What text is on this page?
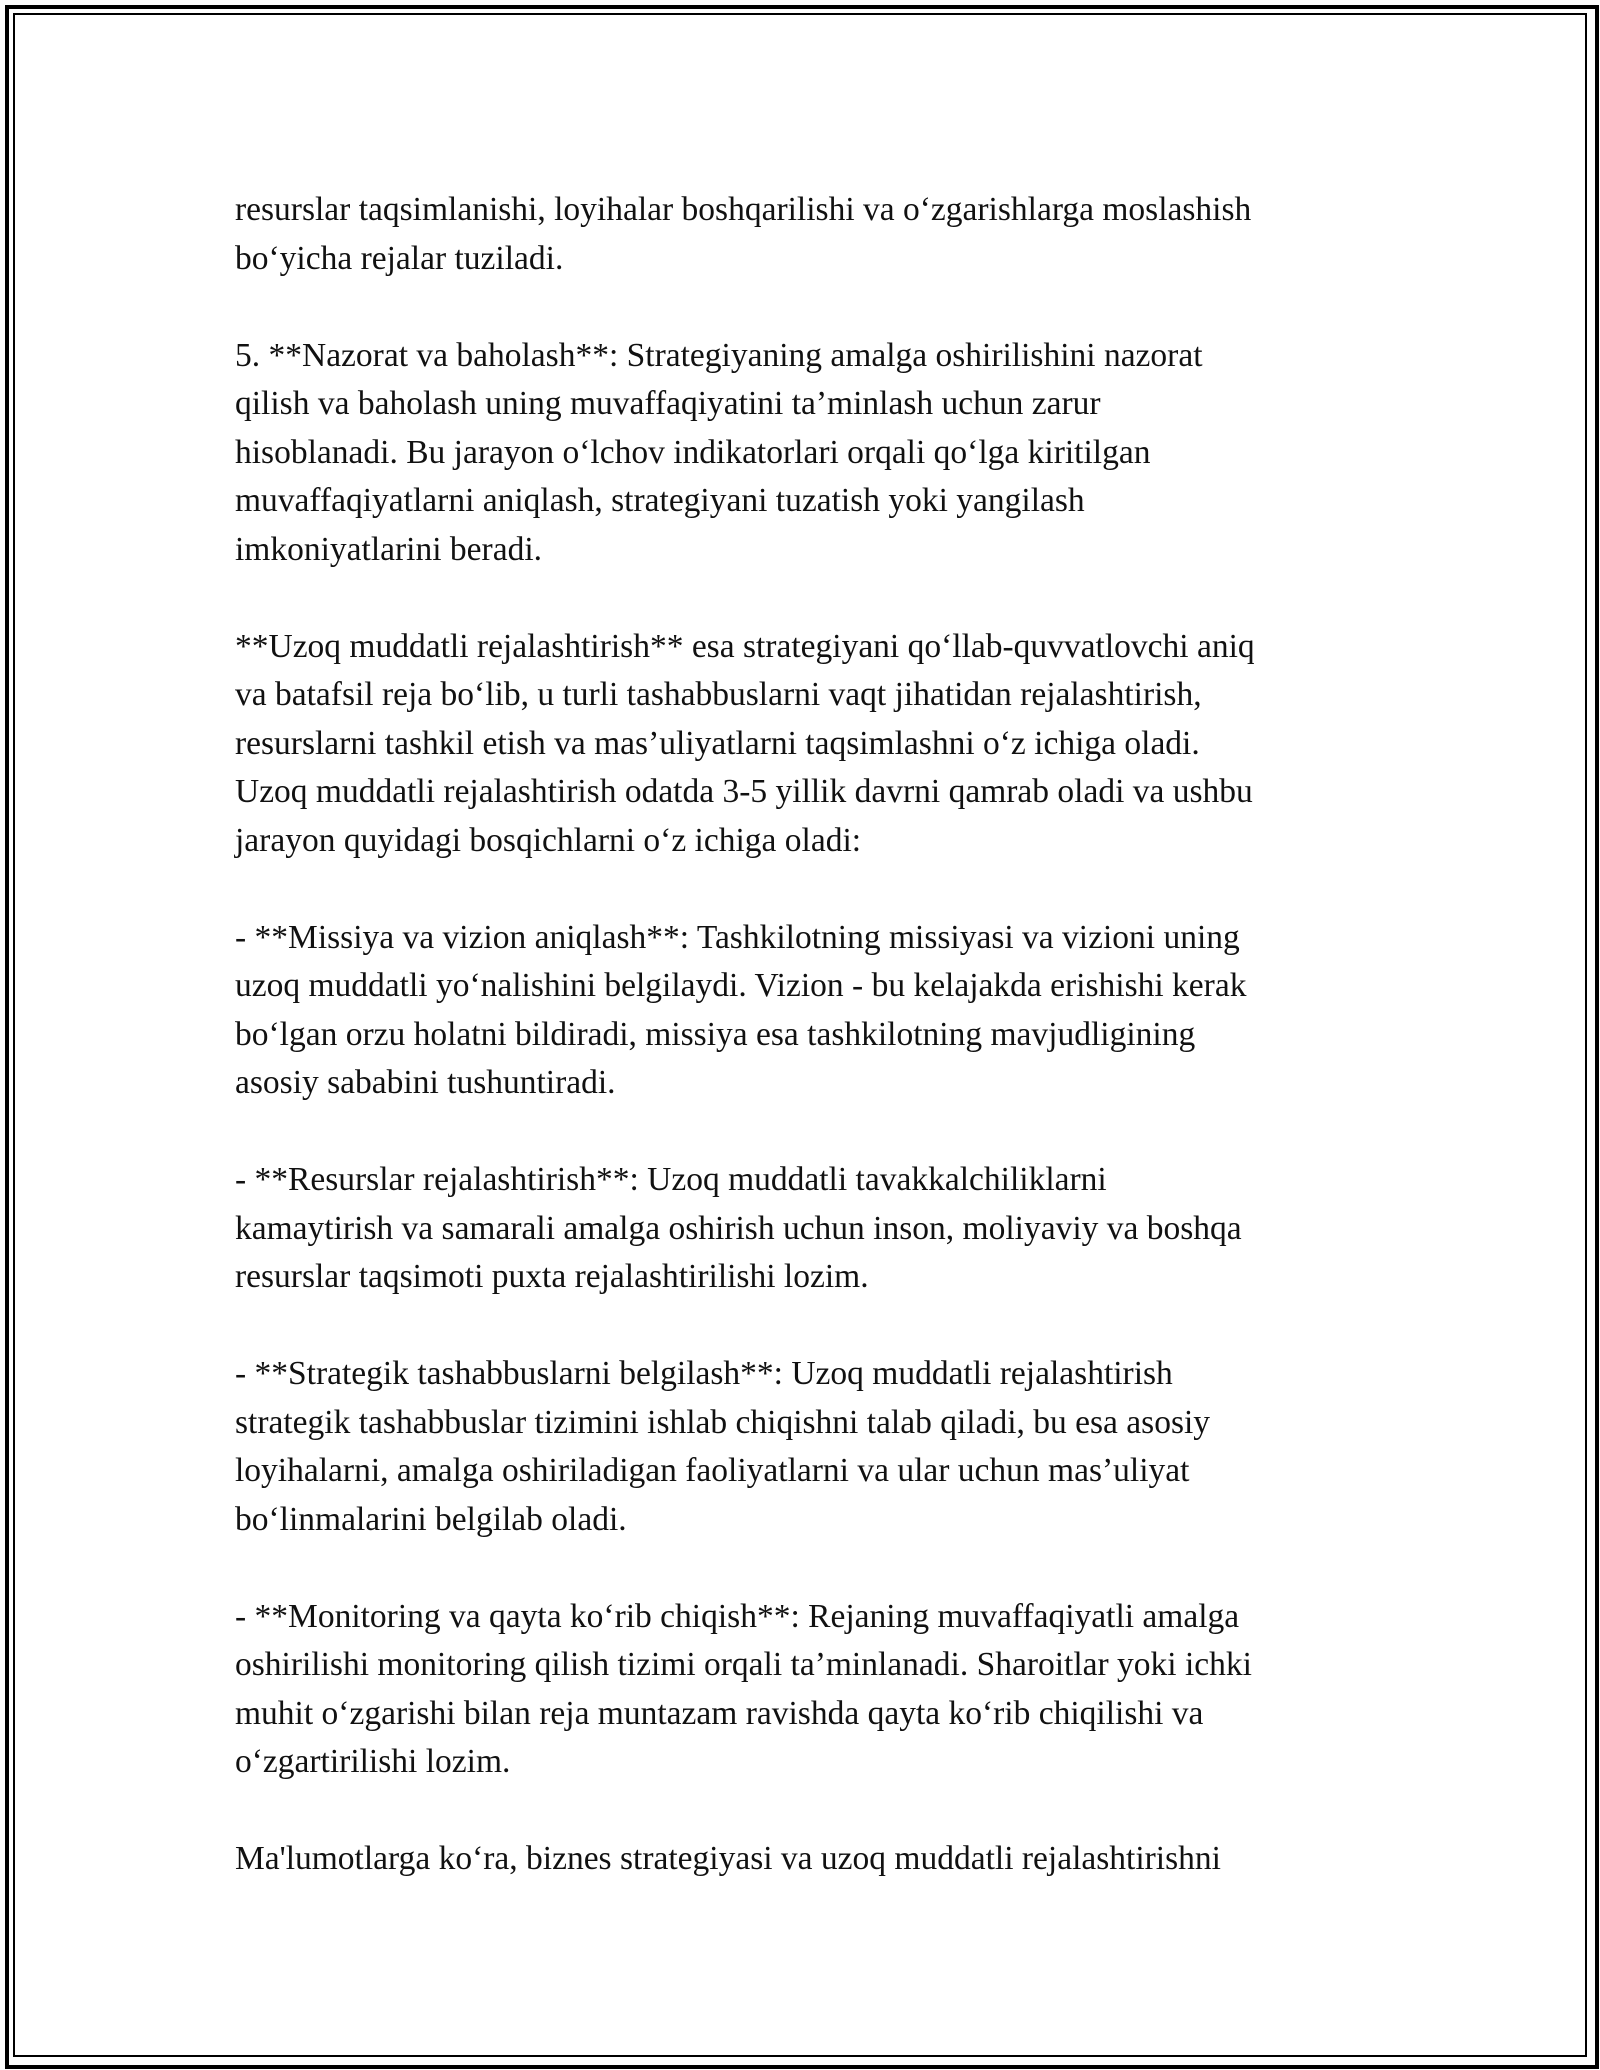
resurslar taqsimlanishi, loyihalar boshqarilishi va o‘zgarishlarga moslashish
bo‘yicha rejalar tuziladi.

5. **Nazorat va baholash**: Strategiyaning amalga oshirilishini nazorat
qilish va baholash uning muvaffaqiyatini ta’minlash uchun zarur
hisoblanadi. Bu jarayon o‘lchov indikatorlari orqali qo‘lga kiritilgan
muvaffaqiyatlarni aniqlash, strategiyani tuzatish yoki yangilash
imkoniyatlarini beradi.

**Uzoq muddatli rejalashtirish** esa strategiyani qo‘llab-quvvatlovchi aniq
va batafsil reja bo‘lib, u turli tashabbuslarni vaqt jihatidan rejalashtirish,
resurslarni tashkil etish va mas’uliyatlarni taqsimlashni o‘z ichiga oladi.
Uzoq muddatli rejalashtirish odatda 3-5 yillik davrni qamrab oladi va ushbu
jarayon quyidagi bosqichlarni o‘z ichiga oladi:

- **Missiya va vizion aniqlash**: Tashkilotning missiyasi va vizioni uning
uzoq muddatli yo‘nalishini belgilaydi. Vizion - bu kelajakda erishishi kerak
bo‘lgan orzu holatni bildiradi, missiya esa tashkilotning mavjudligining
asosiy sababini tushuntiradi.

- **Resurslar rejalashtirish**: Uzoq muddatli tavakkalchiliklarni
kamaytirish va samarali amalga oshirish uchun inson, moliyaviy va boshqa
resurslar taqsimoti puxta rejalashtirilishi lozim.

- **Strategik tashabbuslarni belgilash**: Uzoq muddatli rejalashtirish
strategik tashabbuslar tizimini ishlab chiqishni talab qiladi, bu esa asosiy
loyihalarni, amalga oshiriladigan faoliyatlarni va ular uchun mas’uliyat
bo‘linmalarini belgilab oladi.

- **Monitoring va qayta ko‘rib chiqish**: Rejaning muvaffaqiyatli amalga
oshirilishi monitoring qilish tizimi orqali ta’minlanadi. Sharoitlar yoki ichki
muhit o‘zgarishi bilan reja muntazam ravishda qayta ko‘rib chiqilishi va
o‘zgartirilishi lozim.

Ma'lumotlarga ko‘ra, biznes strategiyasi va uzoq muddatli rejalashtirishni
